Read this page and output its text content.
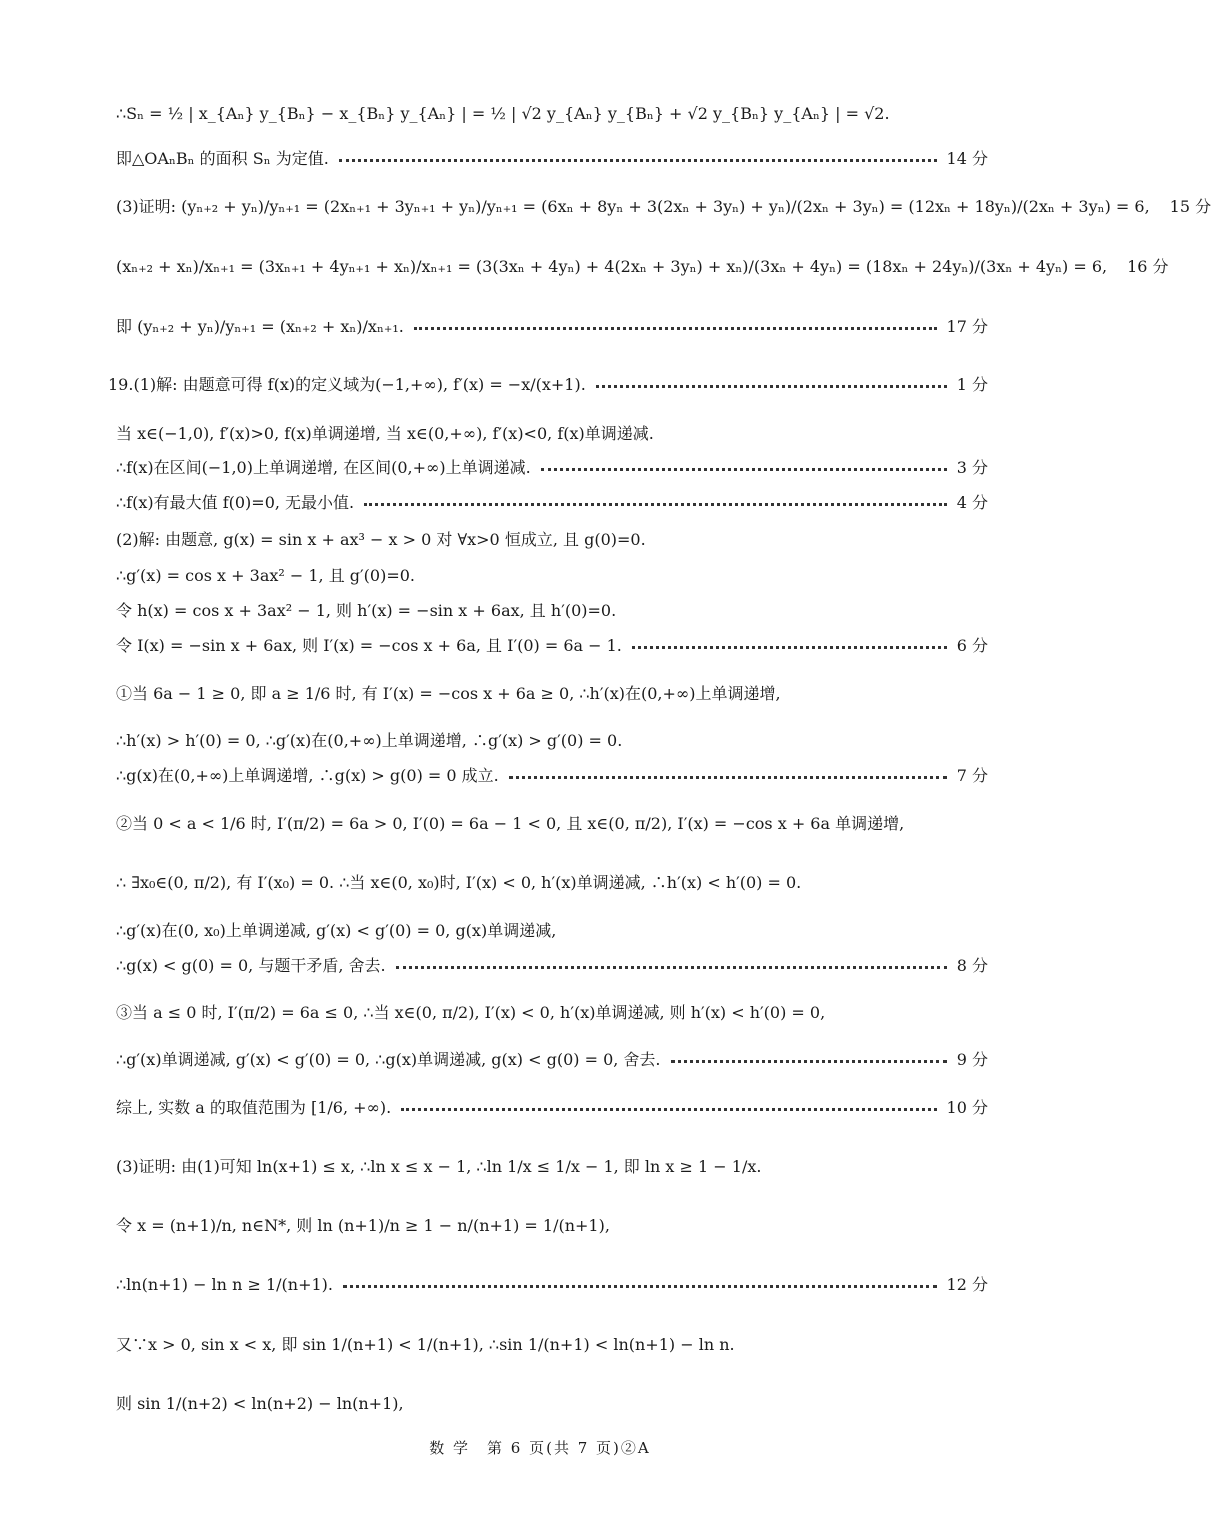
∴Sₙ = ½ | x_{Aₙ} y_{Bₙ} − x_{Bₙ} y_{Aₙ} | = ½ | √2 y_{Aₙ} y_{Bₙ} + √2 y_{Bₙ} y_{Aₙ} | = √2.
即△OAₙBₙ 的面积 Sₙ 为定值.	14 分
(3)证明: (yₙ₊₂ + yₙ)/yₙ₊₁ = (2xₙ₊₁ + 3yₙ₊₁ + yₙ)/yₙ₊₁ = (6xₙ + 8yₙ + 3(2xₙ + 3yₙ) + yₙ)/(2xₙ + 3yₙ) = (12xₙ + 18yₙ)/(2xₙ + 3yₙ) = 6, 15 分
(xₙ₊₂ + xₙ)/xₙ₊₁ = (3xₙ₊₁ + 4yₙ₊₁ + xₙ)/xₙ₊₁ = (3(3xₙ + 4yₙ) + 4(2xₙ + 3yₙ) + xₙ)/(3xₙ + 4yₙ) = (18xₙ + 24yₙ)/(3xₙ + 4yₙ) = 6, 16 分
即 (yₙ₊₂ + yₙ)/yₙ₊₁ = (xₙ₊₂ + xₙ)/xₙ₊₁.	17 分
19.(1)解: 由题意可得 f(x)的定义域为(−1,+∞), f′(x) = −x/(x+1).	1 分
当 x∈(−1,0), f′(x)>0, f(x)单调递增, 当 x∈(0,+∞), f′(x)<0, f(x)单调递减.
∴f(x)在区间(−1,0)上单调递增, 在区间(0,+∞)上单调递减.	3 分
∴f(x)有最大值 f(0)=0, 无最小值.	4 分
(2)解: 由题意, g(x) = sin x + ax³ − x > 0 对 ∀x>0 恒成立, 且 g(0)=0.
∴g′(x) = cos x + 3ax² − 1, 且 g′(0)=0.
令 h(x) = cos x + 3ax² − 1, 则 h′(x) = −sin x + 6ax, 且 h′(0)=0.
令 I(x) = −sin x + 6ax, 则 I′(x) = −cos x + 6a, 且 I′(0) = 6a − 1.	6 分
①当 6a − 1 ≥ 0, 即 a ≥ 1/6 时, 有 I′(x) = −cos x + 6a ≥ 0, ∴h′(x)在(0,+∞)上单调递增,
∴h′(x) > h′(0) = 0, ∴g′(x)在(0,+∞)上单调递增, ∴g′(x) > g′(0) = 0.
∴g(x)在(0,+∞)上单调递增, ∴g(x) > g(0) = 0 成立.	7 分
②当 0 < a < 1/6 时, I′(π/2) = 6a > 0, I′(0) = 6a − 1 < 0, 且 x∈(0, π/2), I′(x) = −cos x + 6a 单调递增,
∴ ∃x₀∈(0, π/2), 有 I′(x₀) = 0. ∴当 x∈(0, x₀)时, I′(x) < 0, h′(x)单调递减, ∴h′(x) < h′(0) = 0.
∴g′(x)在(0, x₀)上单调递减, g′(x) < g′(0) = 0, g(x)单调递减,
∴g(x) < g(0) = 0, 与题干矛盾, 舍去.	8 分
③当 a ≤ 0 时, I′(π/2) = 6a ≤ 0, ∴当 x∈(0, π/2), I′(x) < 0, h′(x)单调递减, 则 h′(x) < h′(0) = 0,
∴g′(x)单调递减, g′(x) < g′(0) = 0, ∴g(x)单调递减, g(x) < g(0) = 0, 舍去.	9 分
综上, 实数 a 的取值范围为 [1/6, +∞).	10 分
(3)证明: 由(1)可知 ln(x+1) ≤ x, ∴ln x ≤ x − 1, ∴ln 1/x ≤ 1/x − 1, 即 ln x ≥ 1 − 1/x.
令 x = (n+1)/n, n∈N*, 则 ln (n+1)/n ≥ 1 − n/(n+1) = 1/(n+1),
∴ln(n+1) − ln n ≥ 1/(n+1).	12 分
又∵x > 0, sin x < x, 即 sin 1/(n+1) < 1/(n+1), ∴sin 1/(n+1) < ln(n+1) − ln n.
则 sin 1/(n+2) < ln(n+2) − ln(n+1),
数 学　第 6 页(共 7 页)②A
